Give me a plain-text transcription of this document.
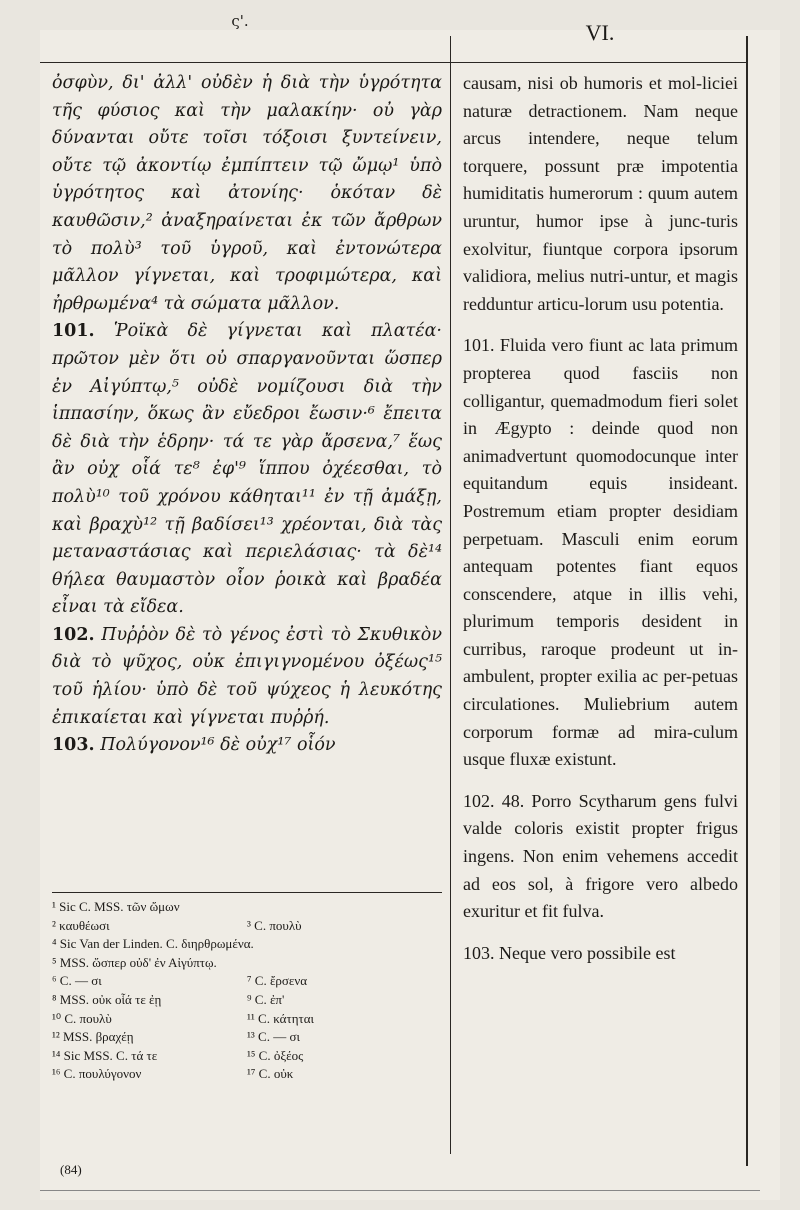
ς'.	VI.

ὀσφὺν, δι' ἀλλ' οὐδὲν ἡ διὰ τὴν ὑγρότητα τῆς φύσιος καὶ τὴν μαλακίην· οὐ γὰρ δύνανται οὔτε τοῖσι τόξοισι ξυντείνειν, οὔτε τῷ ἀκοντίῳ ἐμπίπτειν τῷ ὤμῳ¹ ὑπὸ ὑγρότητος καὶ ἀτονίης· ὁκόταν δὲ καυθῶσιν,² ἀναξηραίνεται ἐκ τῶν ἄρθρων τὸ πολὺ³ τοῦ ὑγροῦ, καὶ ἐντονώτερα μᾶλλον γίγνεται, καὶ τροφιμώτερα, καὶ ἠρθρωμένα⁴ τὰ σώματα μᾶλλον.

101. Ῥοϊκὰ δὲ γίγνεται καὶ πλατέα· πρῶτον μὲν ὅτι οὐ σπαργανοῦνται ὥσπερ ἐν Αἰγύπτῳ,⁵ οὐδὲ νομίζουσι διὰ τὴν ἱππασίην, ὅκως ἂν εὔεδροι ἔωσιν·⁶ ἔπειτα δὲ διὰ τὴν ἑδρην· τά τε γὰρ ἄρσενα,⁷ ἕως ἂν οὐχ οἷά τε⁸ ἐφ'⁹ ἵππου ὀχέεσθαι, τὸ πολὺ¹⁰ τοῦ χρόνου κάθηται¹¹ ἐν τῇ ἀμάξῃ, καὶ βραχὺ¹² τῇ βαδίσει¹³ χρέονται, διὰ τὰς μεταναστάσιας καὶ περιελάσιας· τὰ δὲ¹⁴ θήλεα θαυμαστὸν οἷον ῥοικὰ καὶ βραδέα εἶναι τὰ εἴδεα.

102. Πυῤῥὸν δὲ τὸ γένος ἐστὶ τὸ Σκυθικὸν διὰ τὸ ψῦχος, οὐκ ἐπιγιγνομένου ὀξέως¹⁵ τοῦ ἡλίου· ὑπὸ δὲ τοῦ ψύχεος ἡ λευκότης ἐπικαίεται καὶ γίγνεται πυῤῥή.

103. Πολύγονον¹⁶ δὲ οὐχ¹⁷ οἷόν

causam, nisi ob humoris et mol-liciei naturæ detractionem. Nam neque arcus intendere, neque telum torquere, possunt præ impotentia humiditatis humerorum : quum autem uruntur, humor ipse à junc-turis exolvitur, fiuntque corpora ipsorum validiora, melius nutri-untur, et magis redduntur articu-lorum usu potentia.

101. Fluida vero fiunt ac lata primum propterea quod fasciis non colligantur, quemadmodum fieri solet in Ægypto : deinde quod non animadvertunt quomodocunque inter equitandum equis insideant. Postremum etiam propter desidiam perpetuam. Masculi enim eorum antequam potentes fiant equos conscendere, atque in illis vehi, plurimum temporis desident in curribus, raroque prodeunt ut in-ambulent, propter exilia ac per-petuas circulationes. Muliebrium autem corporum formæ ad mira-culum usque fluxæ existunt.

102. 48. Porro Scytharum gens fulvi valde coloris existit propter frigus ingens. Non enim vehemens accedit ad eos sol, à frigore vero albedo exuritur et fit fulva.

103. Neque vero possibile est

¹ Sic C. MSS. τῶν ὤμων
² καυθέωσι	³ C. πουλὺ
⁴ Sic Van der Linden. C. διηρθρωμένα.
⁵ MSS. ὥσπερ οὐδ' ἐν Αἰγύπτῳ.
⁶ C. — σι	⁷ C. ἔρσενα
⁸ MSS. οὐκ οἷά τε ἐῃ	⁹ C. ἐπ'
¹⁰ C. πουλὺ	¹¹ C. κάτηται
¹² MSS. βραχέῃ	¹³ C. — σι
¹⁴ Sic MSS. C. τά τε	¹⁵ C. ὀξέος
¹⁶ C. πουλύγονον	¹⁷ C. οὐκ
(84)
